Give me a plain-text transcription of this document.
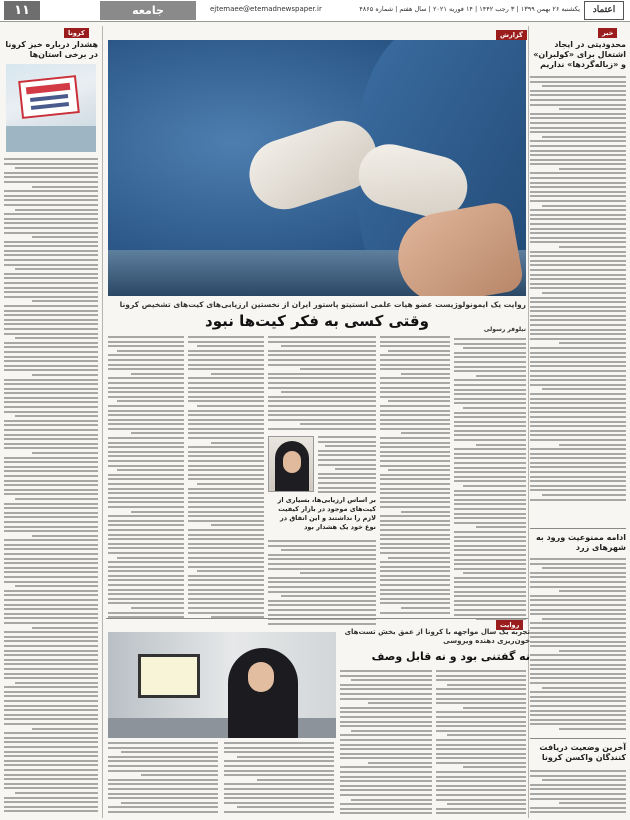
۱۱	جامعه	ejtemaee@etemadnewspaper.ir	یکشنبه ۲۶ بهمن ۱۳۹۹ | ۳ رجب ۱۴۴۲ | ۱۴ فوریه ۲۰۲۱ | سال هفتم | شماره ۴۸۶۵	اعتماد
کرونا
هشدار درباره خیز کرونا در برخی استان‌ها
گزارش
روایت یک ایمونولوژیست عضو هیات علمی انستیتو پاستور ایران از نخستین ارزیابی‌های کیت‌های تشخیص کرونا
وقتی کسی به فکر کیت‌ها نبود	نیلوفر رسولی
بر اساس ارزیابی‌ها، بسیاری از کیت‌های موجود در بازار کیفیت لازم را نداشتند و این اتفاق در نوع خود یک هشدار بود
روایت
تجربه یک سال مواجهه با کرونا از عمق بخش تست‌های خون‌ریزی دهنده ویروسی
نه گفتنی بود و نه قابل وصف
خبر
محدودیتی در ایجاد اشتغال برای «کولبران» و «زباله‌گردها» نداریم
ادامه ممنوعیت ورود به شهرهای زرد
آخرین وضعیت دریافت کنندگان واکسن کرونا
